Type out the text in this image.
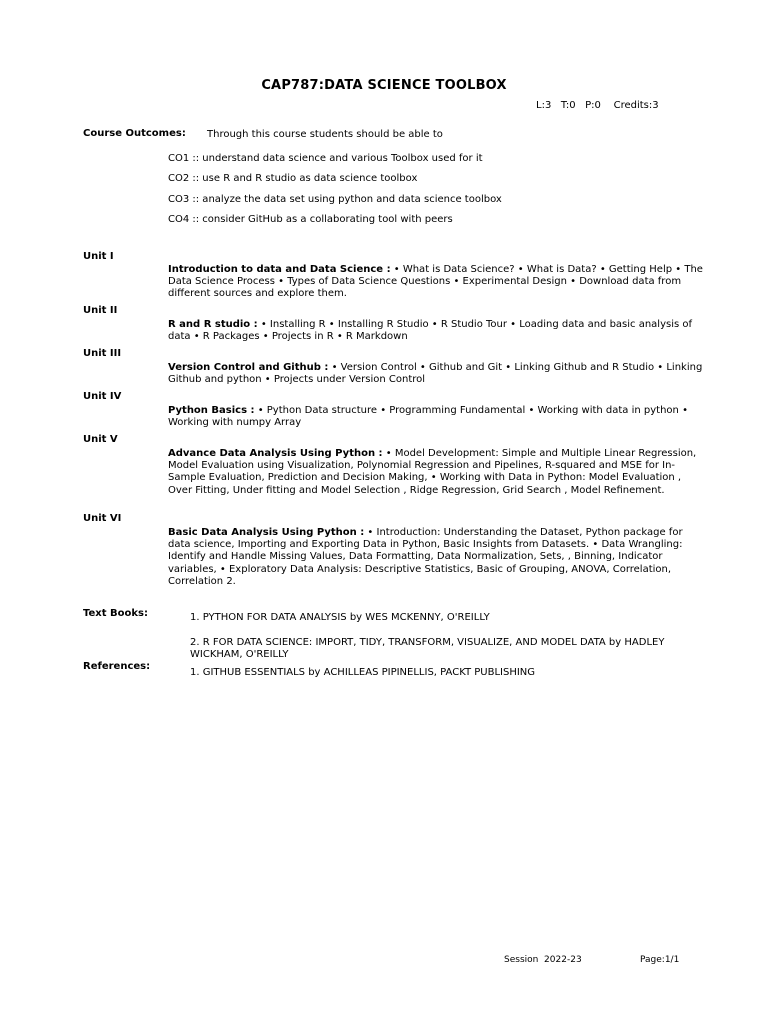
CAP787:DATA SCIENCE TOOLBOX
L:3   T:0   P:0    Credits:3
Course Outcomes: Through this course students should be able to
CO1 :: understand data science and various Toolbox used for it
CO2 :: use R and R studio as data science toolbox
CO3 :: analyze the data set using python and data science toolbox
CO4 :: consider GitHub as a collaborating tool with peers
Unit I
Introduction to data and Data Science : • What is Data Science? • What is Data? • Getting Help • The Data Science Process • Types of Data Science Questions • Experimental Design • Download data from different sources and explore them.
Unit II
R and R studio : • Installing R • Installing R Studio • R Studio Tour • Loading data and basic analysis of data • R Packages • Projects in R • R Markdown
Unit III
Version Control and Github : • Version Control • Github and Git • Linking Github and R Studio • Linking Github and python • Projects under Version Control
Unit IV
Python Basics : • Python Data structure • Programming Fundamental • Working with data in python • Working with numpy Array
Unit V
Advance Data Analysis Using Python : • Model Development: Simple and Multiple Linear Regression, Model Evaluation using Visualization, Polynomial Regression and Pipelines, R-squared and MSE for In-Sample Evaluation, Prediction and Decision Making, • Working with Data in Python: Model Evaluation , Over Fitting, Under fitting and Model Selection , Ridge Regression, Grid Search , Model Refinement.
Unit VI
Basic Data Analysis Using Python : • Introduction: Understanding the Dataset, Python package for data science, Importing and Exporting Data in Python, Basic Insights from Datasets. • Data Wrangling: Identify and Handle Missing Values, Data Formatting, Data Normalization, Sets, , Binning, Indicator variables, • Exploratory Data Analysis: Descriptive Statistics, Basic of Grouping, ANOVA, Correlation, Correlation 2.
Text Books:	1. PYTHON FOR DATA ANALYSIS by WES MCKENNY, O'REILLY
2. R FOR DATA SCIENCE: IMPORT, TIDY, TRANSFORM, VISUALIZE, AND MODEL DATA by HADLEY WICKHAM, O'REILLY
References:
1. GITHUB ESSENTIALS by ACHILLEAS PIPINELLIS, PACKT PUBLISHING
Session  2022-23	Page:1/1
